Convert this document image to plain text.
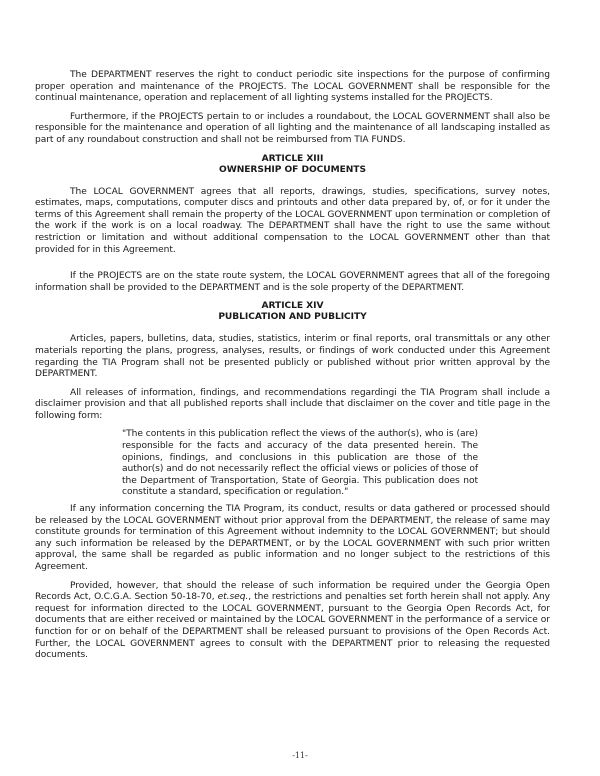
The DEPARTMENT reserves the right to conduct periodic site inspections for the purpose of confirming proper operation and maintenance of the PROJECTS. The LOCAL GOVERNMENT shall be responsible for the continual maintenance, operation and replacement of all lighting systems installed for the PROJECTS.

Furthermore, if the PROJECTS pertain to or includes a roundabout, the LOCAL GOVERNMENT shall also be responsible for the maintenance and operation of all lighting and the maintenance of all landscaping installed as part of any roundabout construction and shall not be reimbursed from TIA FUNDS.

ARTICLE XIII
OWNERSHIP OF DOCUMENTS

The LOCAL GOVERNMENT agrees that all reports, drawings, studies, specifications, survey notes, estimates, maps, computations, computer discs and printouts and other data prepared by, of, or for it under the terms of this Agreement shall remain the property of the LOCAL GOVERNMENT upon termination or completion of the work if the work is on a local roadway. The DEPARTMENT shall have the right to use the same without restriction or limitation and without additional compensation to the LOCAL GOVERNMENT other than that provided for in this Agreement.

If the PROJECTS are on the state route system, the LOCAL GOVERNMENT agrees that all of the foregoing information shall be provided to the DEPARTMENT and is the sole property of the DEPARTMENT.

ARTICLE XIV
PUBLICATION AND PUBLICITY

Articles, papers, bulletins, data, studies, statistics, interim or final reports, oral transmittals or any other materials reporting the plans, progress, analyses, results, or findings of work conducted under this Agreement regarding the TIA Program shall not be presented publicly or published without prior written approval by the DEPARTMENT.

All releases of information, findings, and recommendations regardingi the TIA Program shall include a disclaimer provision and that all published reports shall include that disclaimer on the cover and title page in the following form:

"The contents in this publication reflect the views of the author(s), who is (are) responsible for the facts and accuracy of the data presented herein. The opinions, findings, and conclusions in this publication are those of the author(s) and do not necessarily reflect the official views or policies of those of the Department of Transportation, State of Georgia. This publication does not constitute a standard, specification or regulation."

If any information concerning the TIA Program, its conduct, results or data gathered or processed should be released by the LOCAL GOVERNMENT without prior approval from the DEPARTMENT, the release of same may constitute grounds for termination of this Agreement without indemnity to the LOCAL GOVERNMENT; but should any such information be released by the DEPARTMENT, or by the LOCAL GOVERNMENT with such prior written approval, the same shall be regarded as public information and no longer subject to the restrictions of this Agreement.

Provided, however, that should the release of such information be required under the Georgia Open Records Act, O.C.G.A. Section 50-18-70, et.seq., the restrictions and penalties set forth herein shall not apply. Any request for information directed to the LOCAL GOVERNMENT, pursuant to the Georgia Open Records Act, for documents that are either received or maintained by the LOCAL GOVERNMENT in the performance of a service or function for or on behalf of the DEPARTMENT shall be released pursuant to provisions of the Open Records Act. Further, the LOCAL GOVERNMENT agrees to consult with the DEPARTMENT prior to releasing the requested documents.

-11-
